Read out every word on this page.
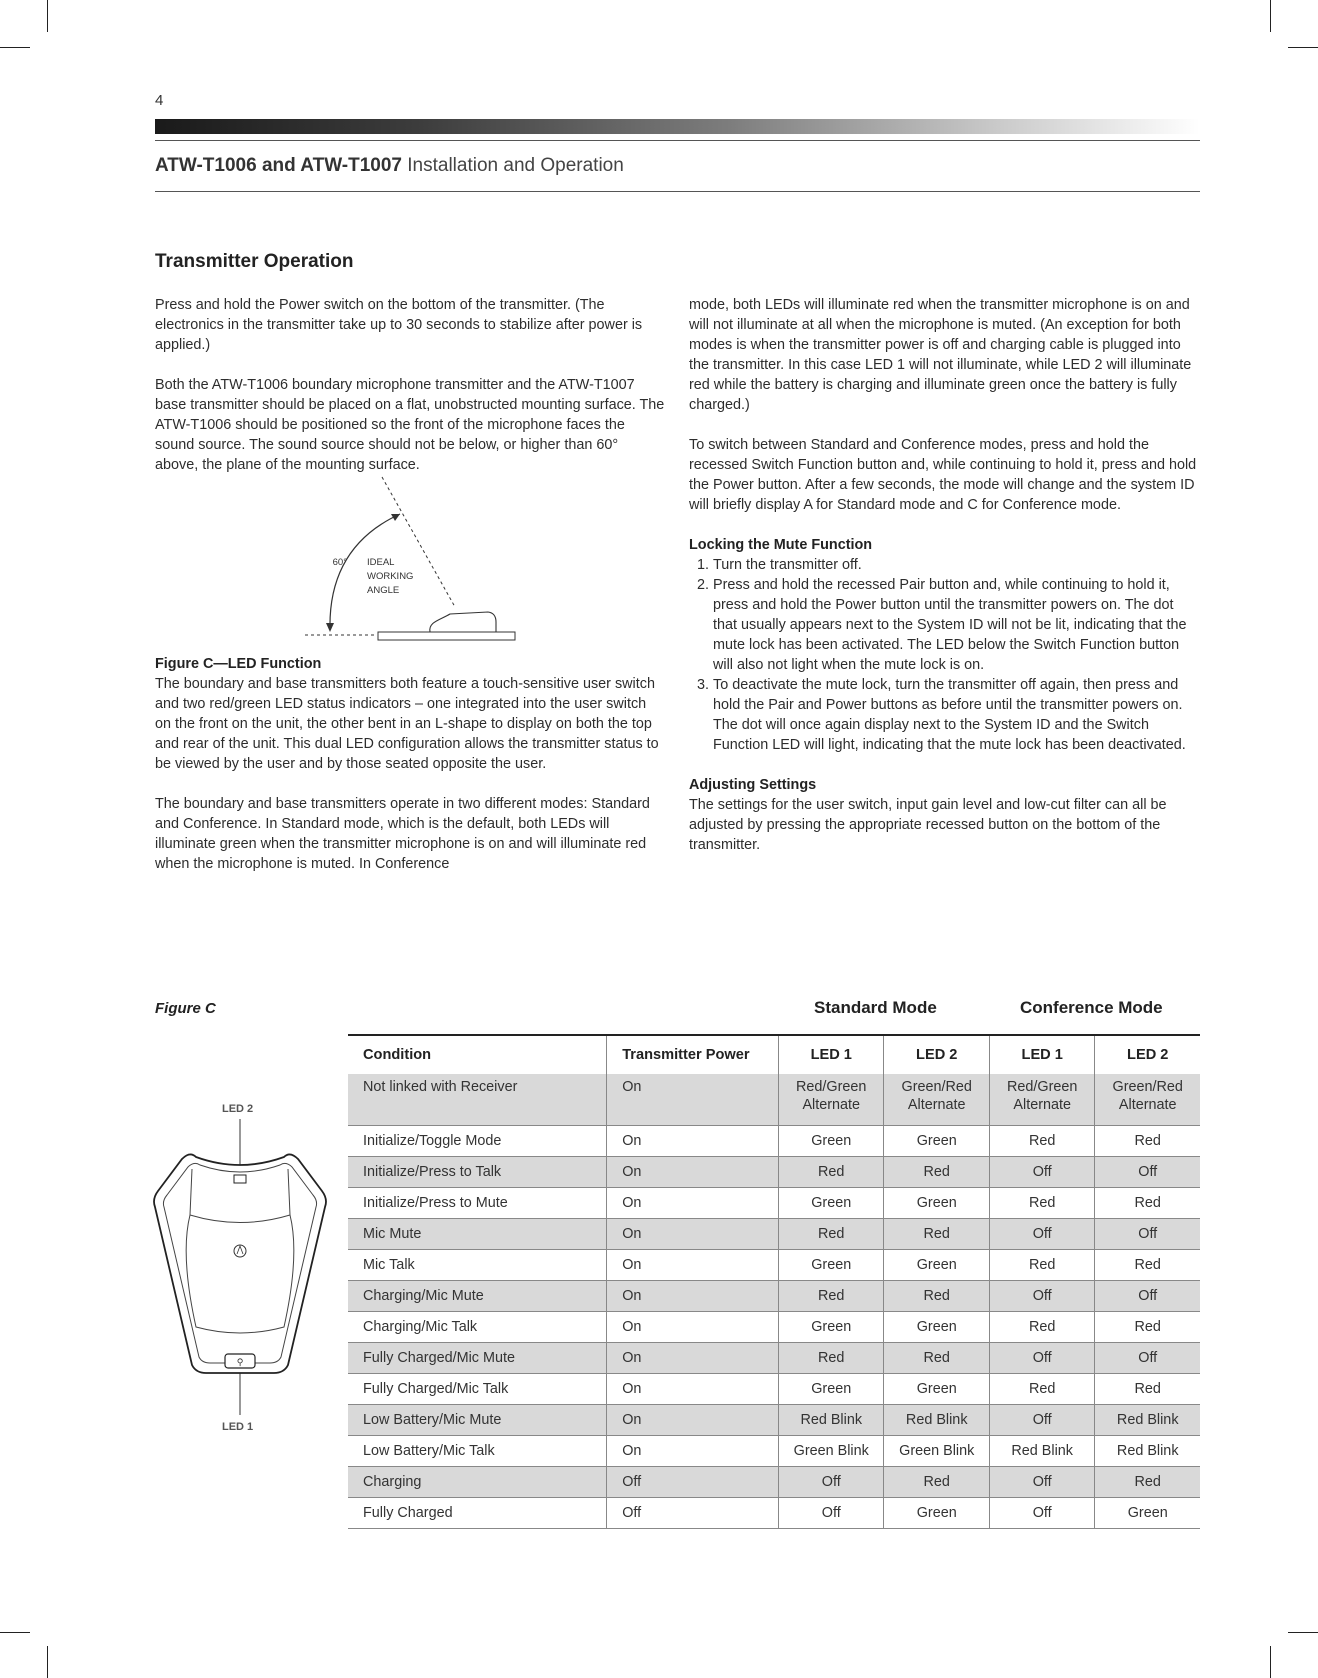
4
ATW-T1006 and ATW-T1007 Installation and Operation
Transmitter Operation

Press and hold the Power switch on the bottom of the transmitter. (The electronics in the transmitter take up to 30 seconds to stabilize after power is applied.)

Both the ATW-T1006 boundary microphone transmitter and the ATW-T1007 base transmitter should be placed on a flat, unobstructed mounting surface. The ATW-T1006 should be positioned so the front of the microphone faces the sound source. The sound source should not be below, or higher than 60° above, the plane of the mounting surface.

60° IDEAL
WORKING
ANGLE
Figure C—LED Function

The boundary and base transmitters both feature a touch-sensitive user switch and two red/green LED status indicators – one integrated into the user switch on the front on the unit, the other bent in an L-shape to display on both the top and rear of the unit. This dual LED configuration allows the transmitter status to be viewed by the user and by those seated opposite the user.

The boundary and base transmitters operate in two different modes: Standard and Conference. In Standard mode, which is the default, both LEDs will illuminate green when the transmitter microphone is on and will illuminate red when the microphone is muted. In Conference

mode, both LEDs will illuminate red when the transmitter microphone is on and will not illuminate at all when the microphone is muted. (An exception for both modes is when the transmitter power is off and charging cable is plugged into the transmitter. In this case LED 1 will not illuminate, while LED 2 will illuminate red while the battery is charging and illuminate green once the battery is fully charged.)

To switch between Standard and Conference modes, press and hold the recessed Switch Function button and, while continuing to hold it, press and hold the Power button. After a few seconds, the mode will change and the system ID will briefly display A for Standard mode and C for Conference mode.

Locking the Mute Function
1. Turn the transmitter off.
2. Press and hold the recessed Pair button and, while continuing to hold it, press and hold the Power button until the transmitter powers on. The dot that usually appears next to the System ID will not be lit, indicating that the mute lock has been activated. The LED below the Switch Function button will also not light when the mute lock is on.
3. To deactivate the mute lock, turn the transmitter off again, then press and hold the Pair and Power buttons as before until the transmitter powers on. The dot will once again display next to the System ID and the Switch Function LED will light, indicating that the mute lock has been deactivated.
Adjusting Settings

The settings for the user switch, input gain level and low-cut filter can all be adjusted by pressing the appropriate recessed button on the bottom of the transmitter.

Figure C	Standard Mode	Conference Mode
LED 2
LED 1
⚲
Condition	Transmitter Power	LED 1	LED 2	LED 1	LED 2
Not linked with Receiver	On	Red/Green Alternate	Green/Red Alternate	Red/Green Alternate	Green/Red Alternate
Initialize/Toggle Mode	On	Green	Green	Red	Red
Initialize/Press to Talk	On	Red	Red	Off	Off
Initialize/Press to Mute	On	Green	Green	Red	Red
Mic Mute	On	Red	Red	Off	Off
Mic Talk	On	Green	Green	Red	Red
Charging/Mic Mute	On	Red	Red	Off	Off
Charging/Mic Talk	On	Green	Green	Red	Red
Fully Charged/Mic Mute	On	Red	Red	Off	Off
Fully Charged/Mic Talk	On	Green	Green	Red	Red
Low Battery/Mic Mute	On	Red Blink	Red Blink	Off	Red Blink
Low Battery/Mic Talk	On	Green Blink	Green Blink	Red Blink	Red Blink
Charging	Off	Off	Red	Off	Red
Fully Charged	Off	Off	Green	Off	Green
